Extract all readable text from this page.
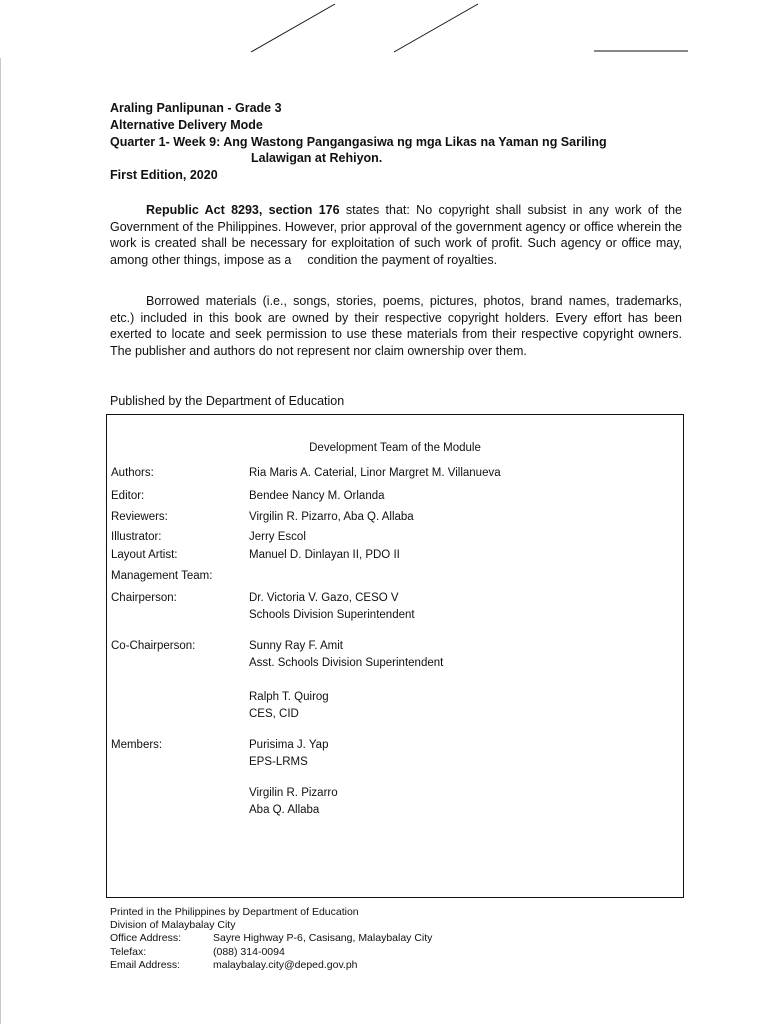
Araling Panlipunan - Grade 3
Alternative Delivery Mode
Quarter 1- Week 9: Ang Wastong Pangangasiwa ng mga Likas na Yaman ng Sariling
Lalawigan at Rehiyon.
First Edition, 2020

Republic Act 8293, section 176 states that: No copyright shall subsist in any work of the Government of the Philippines. However, prior approval of the government agency or office wherein the work is created shall be necessary for exploitation of such work of profit. Such agency or office may, among other things, impose as a condition the payment of royalties.

Borrowed materials (i.e., songs, stories, poems, pictures, photos, brand names, trademarks, etc.) included in this book are owned by their respective copyright holders. Every effort has been exerted to locate and seek permission to use these materials from their respective copyright owners. The publisher and authors do not represent nor claim ownership over them.

Published by the Department of Education
Development Team of the Module
Authors:	Ria Maris A. Caterial, Linor Margret M. Villanueva
Editor:	Bendee Nancy M. Orlanda
Reviewers:	Virgilin R. Pizarro, Aba Q. Allaba
Illustrator:	Jerry Escol
Layout Artist:	Manuel D. Dinlayan II, PDO II
Management Team:
Chairperson:	Dr. Victoria V. Gazo, CESO V
Schools Division Superintendent
Co-Chairperson:	Sunny Ray F. Amit
Asst. Schools Division Superintendent
Ralph T. Quirog
CES, CID
Members:	Purisima J. Yap
EPS-LRMS
Virgilin R. Pizarro
Aba Q. Allaba
Printed in the Philippines by Department of Education
Division of Malaybalay City
Office Address:	Sayre Highway P-6, Casisang, Malaybalay City
Telefax:	(088) 314-0094
Email Address:	malaybalay.city@deped.gov.ph
